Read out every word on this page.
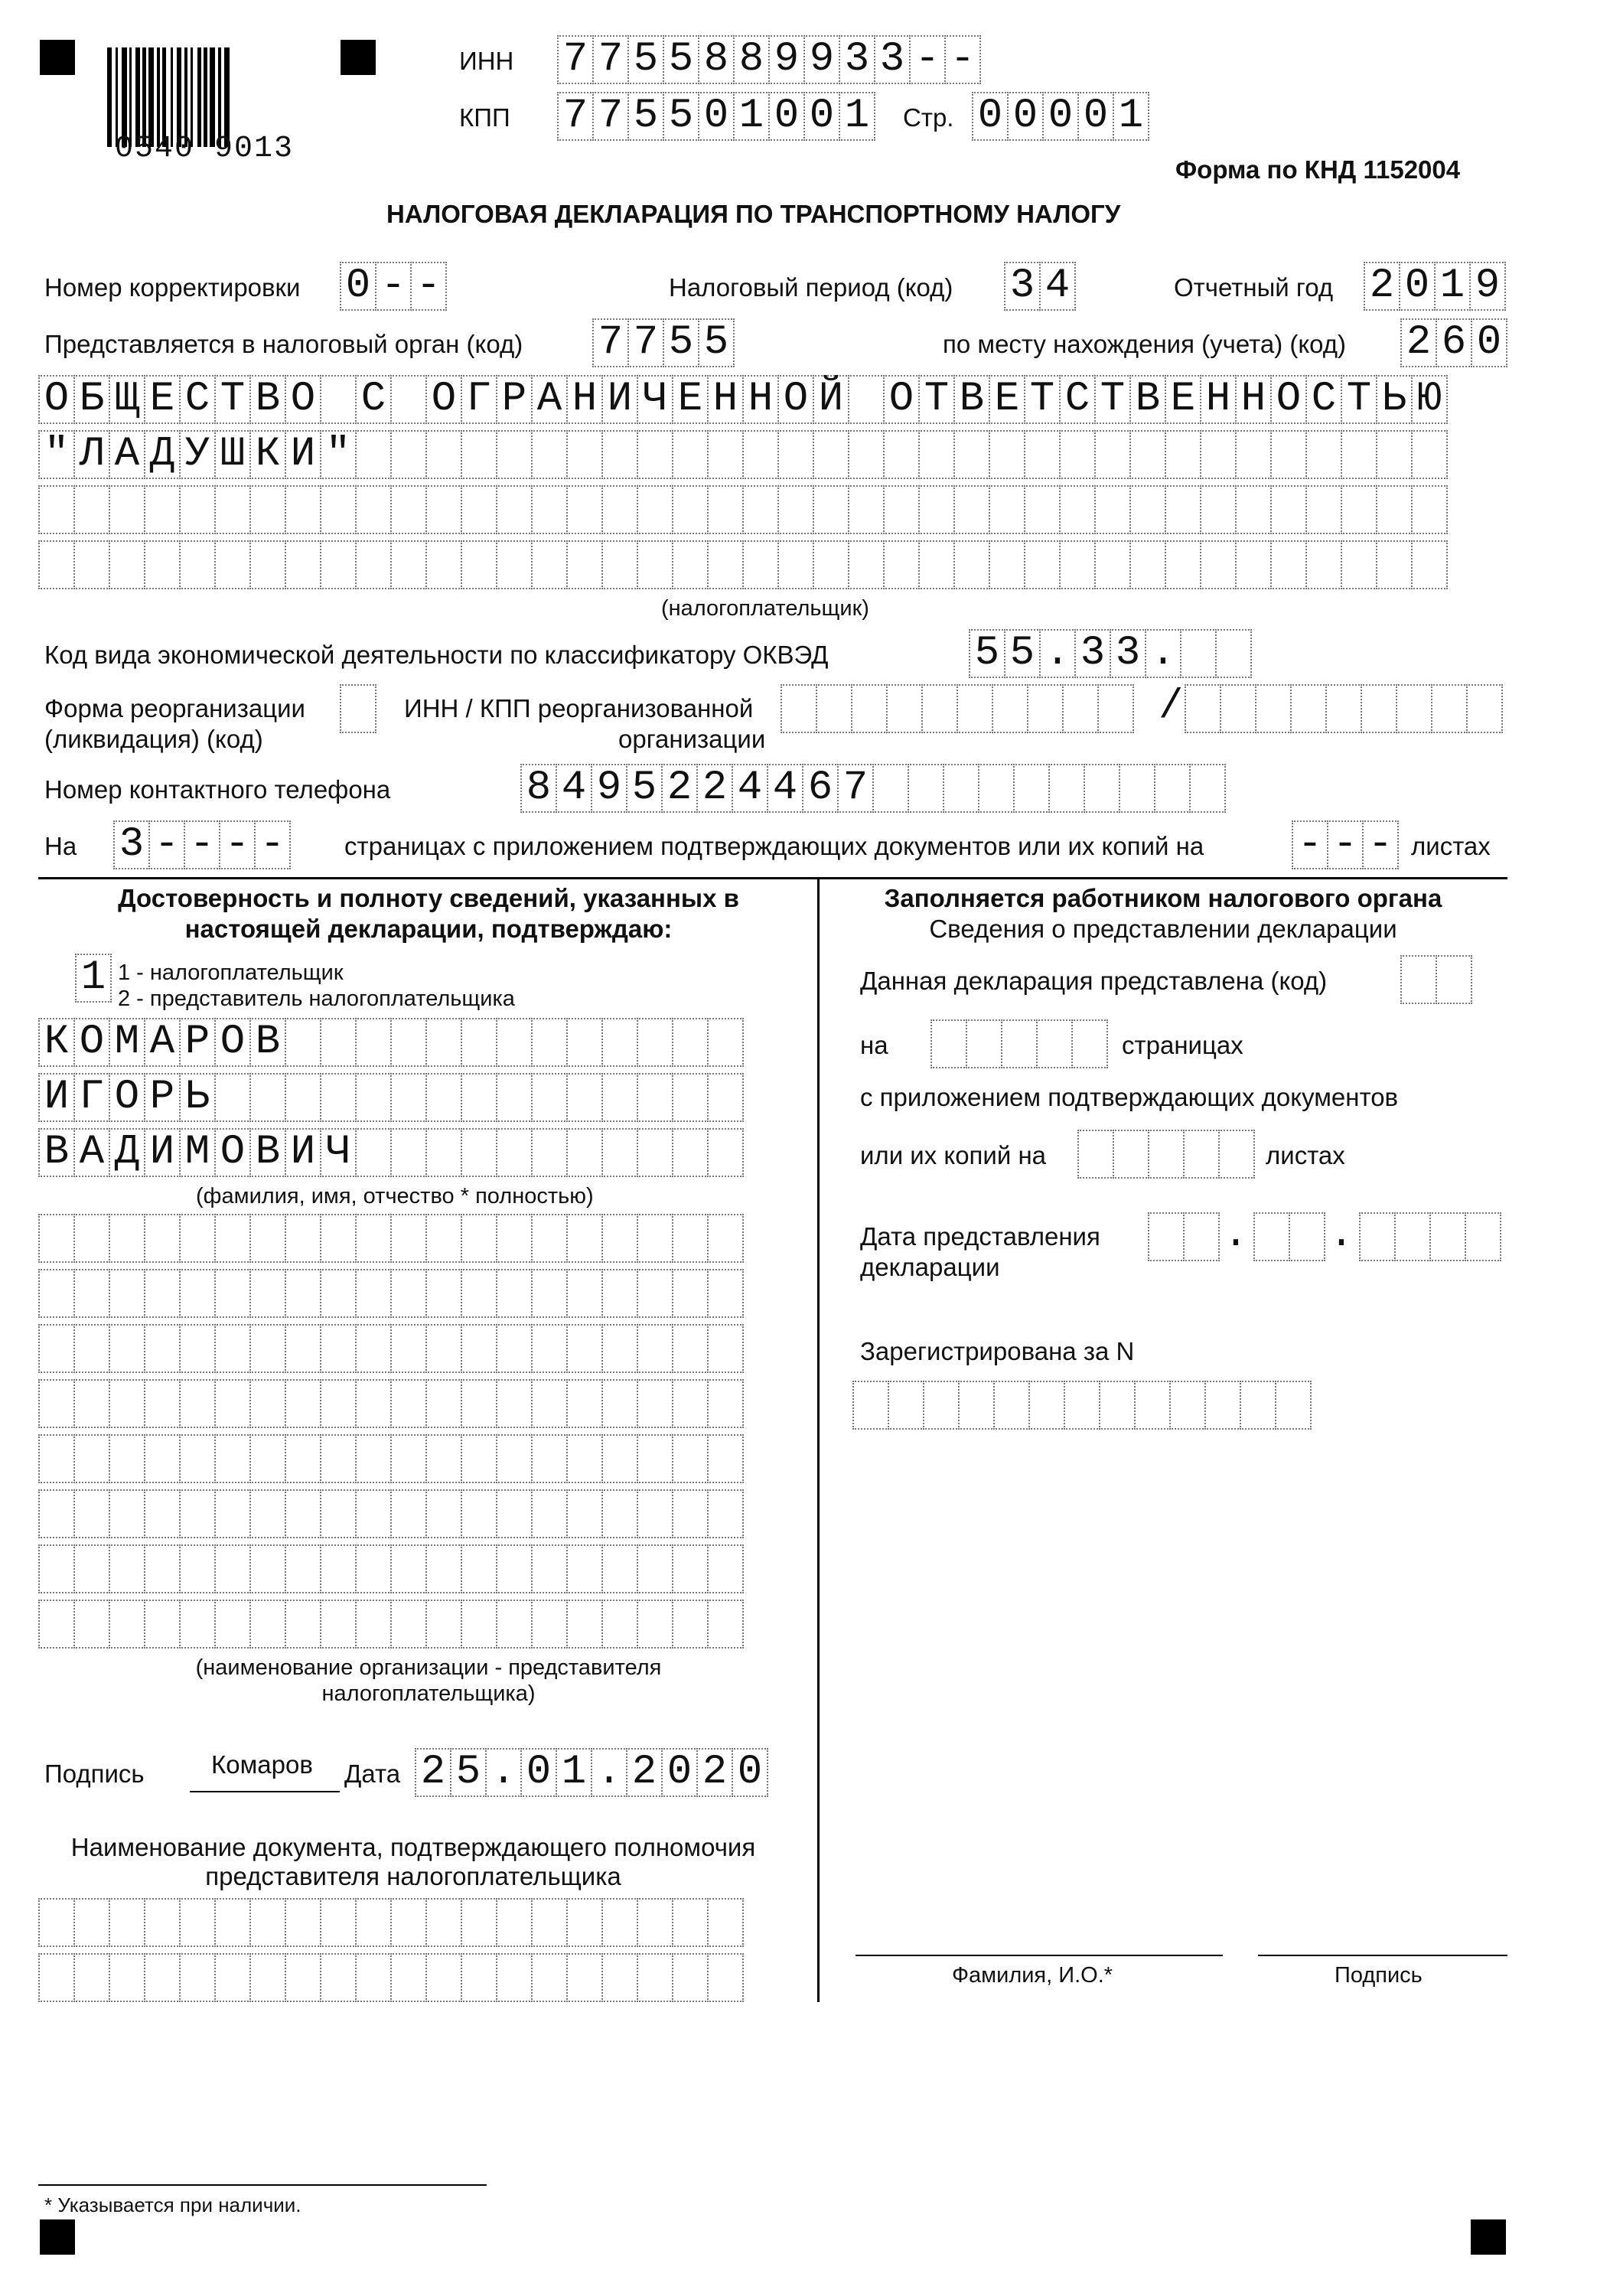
0540 9013
ИНН 7 7 5 5 8 8 9 9 3 3 - -
КПП 7 7 5 5 0 1 0 0 1 Стр. 0 0 0 0 1
Форма по КНД 1152004
НАЛОГОВАЯ ДЕКЛАРАЦИЯ ПО ТРАНСПОРТНОМУ НАЛОГУ
Номер корректировки 0 - -	Налоговый период (код) 3 4	Отчетный год 2 0 1 9
Представляется в налоговый орган (код) 7 7 5 5	по месту нахождения (учета) (код) 2 6 0
О Б Щ Е С Т В О С О Г Р А Н И Ч Е Н Н О Й О Т В Е Т С Т В Е Н Н О С Т Ь Ю
" Л А Д У Ш К И "
(налогоплательщик)
Код вида экономической деятельности по классификатору ОКВЭД	5 5 . 3 3 .
Форма реорганизации
(ликвидация) (код)
ИНН / КПП реорганизованной
организации
/
Номер контактного телефона	8 4 9 5 2 2 4 4 6 7
На 3 - - - - страницах с приложением подтверждающих документов или их копий на - - - листах
Достоверность и полноту сведений, указанных в
настоящей декларации, подтверждаю:
1 1 - налогоплательщик
2 - представитель налогоплательщика
К О М А Р О В
И Г О Р Ь
В А Д И М О В И Ч
(фамилия, имя, отчество * полностью)
(наименование организации - представителя
налогоплательщика)
Подпись	Комаров Дата 2 5 . 0 1 . 2 0 2 0
Наименование документа, подтверждающего полномочия
представителя налогоплательщика
Заполняется работником налогового органа
Сведения о представлении декларации
Данная декларация представлена (код)
на	страницах
с приложением подтверждающих документов
или их копий на	листах
Дата представления
декларации
. .
Зарегистрирована за N
Фамилия, И.О.*	Подпись
* Указывается при наличии.
